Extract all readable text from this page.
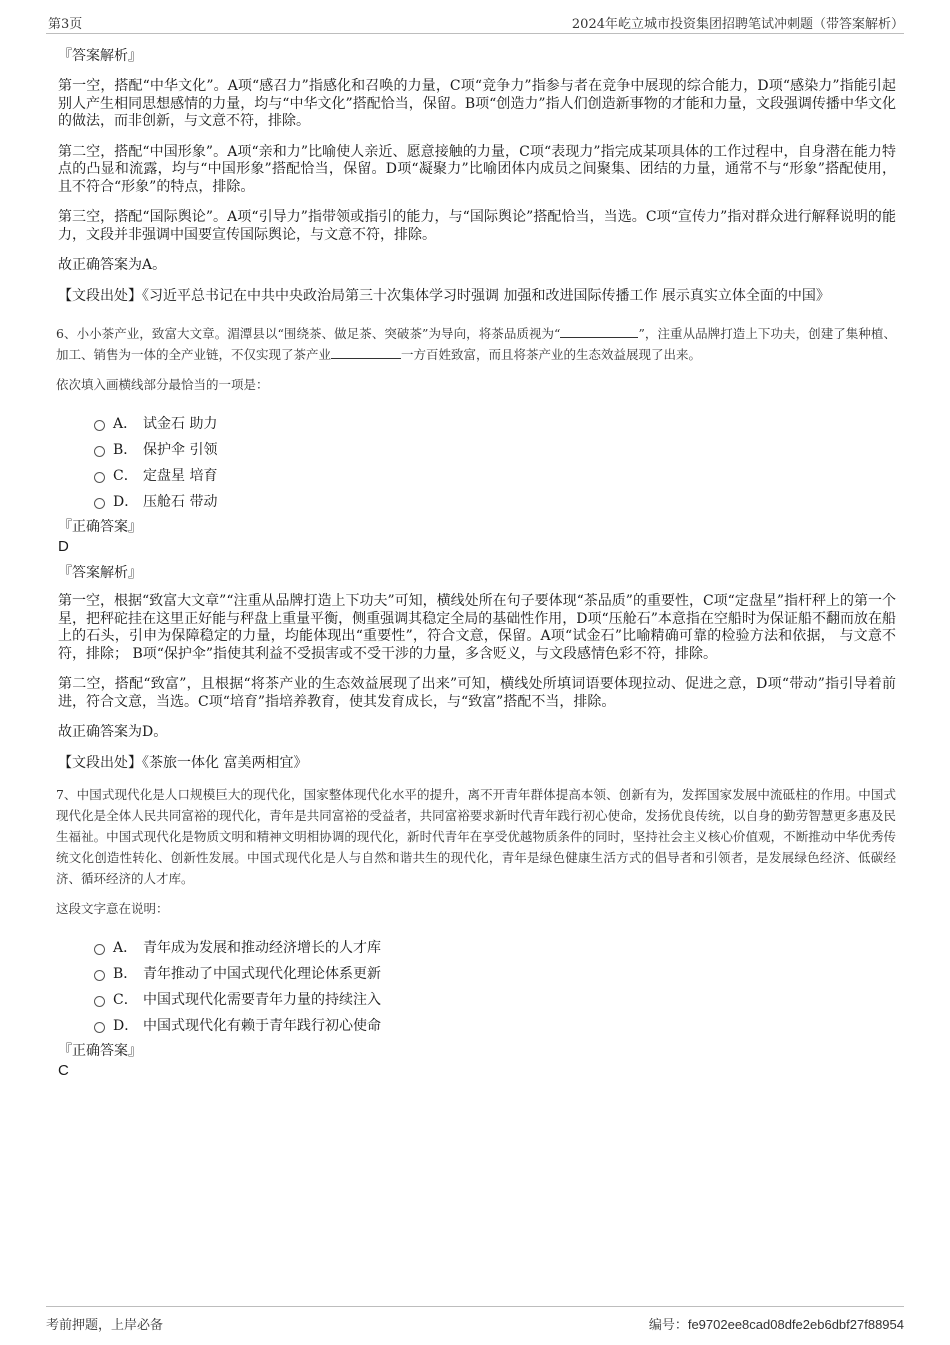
第3页	2024年屹立城市投资集团招聘笔试冲刺题（带答案解析）
『答案解析』

第一空，搭配“中华文化”。A项“感召力”指感化和召唤的力量，C项“竞争力”指参与者在竞争中展现的综合能力，D项“感染力”指能引起别人产生相同思想感情的力量，均与“中华文化”搭配恰当，保留。B项“创造力”指人们创造新事物的才能和力量，文段强调传播中华文化的做法，而非创新，与文意不符，排除。

第二空，搭配“中国形象”。A项“亲和力”比喻使人亲近、愿意接触的力量，C项“表现力”指完成某项具体的工作过程中，自身潜在能力特点的凸显和流露，均与“中国形象”搭配恰当，保留。D项“凝聚力”比喻团体内成员之间聚集、团结的力量，通常不与“形象”搭配使用，且不符合“形象”的特点，排除。

第三空，搭配“国际舆论”。A项“引导力”指带领或指引的能力，与“国际舆论”搭配恰当，当选。C项“宣传力”指对群众进行解释说明的能力，文段并非强调中国要宣传国际舆论，与文意不符，排除。

故正确答案为A。

【文段出处】《习近平总书记在中共中央政治局第三十次集体学习时强调 加强和改进国际传播工作 展示真实立体全面的中国》

6、小小茶产业，致富大文章。湄潭县以“围绕茶、做足茶、突破茶”为导向，将茶品质视为“	”，注重从品牌打造上下功夫，创建了集种植、加工、销售为一体的全产业链，不仅实现了茶产业	一方百姓致富，而且将茶产业的生态效益展现了出来。

依次填入画横线部分最恰当的一项是：

A． 试金石 助力
B． 保护伞 引领
C． 定盘星 培育
D． 压舱石 带动
『正确答案』
D
『答案解析』

第一空，根据“致富大文章”“注重从品牌打造上下功夫”可知，横线处所在句子要体现“茶品质”的重要性，C项“定盘星”指杆秤上的第一个星，把秤砣挂在这里正好能与秤盘上重量平衡，侧重强调其稳定全局的基础性作用，D项“压舱石”本意指在空船时为保证船不翻而放在船上的石头，引申为保障稳定的力量，均能体现出“重要性”，符合文意，保留。A项“试金石”比喻精确可靠的检验方法和依据， 与文意不符，排除； B项“保护伞”指使其利益不受损害或不受干涉的力量，多含贬义，与文段感情色彩不符，排除。

第二空，搭配“致富”，且根据“将茶产业的生态效益展现了出来”可知，横线处所填词语要体现拉动、促进之意，D项“带动”指引导着前进，符合文意，当选。C项“培育”指培养教育，使其发育成长，与“致富”搭配不当，排除。

故正确答案为D。

【文段出处】《茶旅一体化 富美两相宜》

7、中国式现代化是人口规模巨大的现代化，国家整体现代化水平的提升，离不开青年群体提高本领、创新有为，发挥国家发展中流砥柱的作用。中国式现代化是全体人民共同富裕的现代化，青年是共同富裕的受益者，共同富裕要求新时代青年践行初心使命，发扬优良传统，以自身的勤劳智慧更多惠及民生福祉。中国式现代化是物质文明和精神文明相协调的现代化，新时代青年在享受优越物质条件的同时，坚持社会主义核心价值观，不断推动中华优秀传统文化创造性转化、创新性发展。中国式现代化是人与自然和谐共生的现代化，青年是绿色健康生活方式的倡导者和引领者，是发展绿色经济、低碳经济、循环经济的人才库。

这段文字意在说明：

A． 青年成为发展和推动经济增长的人才库
B． 青年推动了中国式现代化理论体系更新
C． 中国式现代化需要青年力量的持续注入
D． 中国式现代化有赖于青年践行初心使命
『正确答案』
C
考前押题，上岸必备	编号：fe9702ee8cad08dfe2eb6dbf27f88954
